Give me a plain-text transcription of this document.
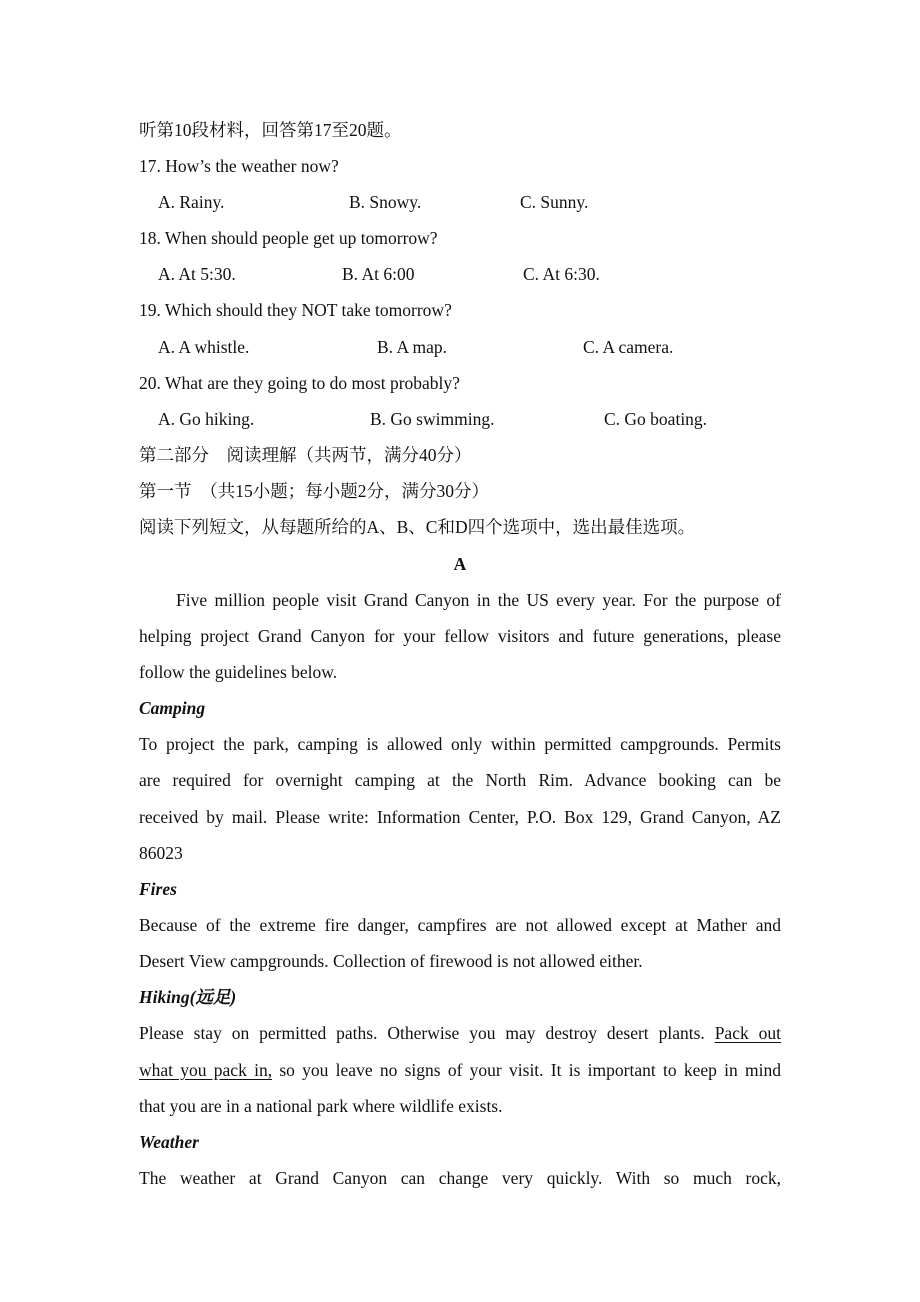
听第10段材料，回答第17至20题。
17. How’s the weather now?
A. Rainy.	B. Snowy.	C. Sunny.
18. When should people get up tomorrow?
A. At 5:30.	B. At 6:00	C. At 6:30.
19. Which should they NOT take tomorrow?
A. A whistle.	B. A map.	C. A camera.
20. What are they going to do most probably?
A. Go hiking.	B. Go swimming.	C. Go boating.
第二部分　阅读理解（共两节，满分40分）
第一节　（共15小题；每小题2分，满分30分）
阅读下列短文，从每题所给的A、B、C和D四个选项中，选出最佳选项。
A
Five million people visit Grand Canyon in the US every year. For the purpose of
helping project Grand Canyon for your fellow visitors and future generations, please
follow the guidelines below.
Camping
To project the park, camping is allowed only within permitted campgrounds. Permits
are required for overnight camping at the North Rim. Advance booking can be
received by mail. Please write: Information Center, P.O. Box 129, Grand Canyon, AZ
86023
Fires
Because of the extreme fire danger, campfires are not allowed except at Mather and
Desert View campgrounds. Collection of firewood is not allowed either.
Hiking(远足)
Please stay on permitted paths. Otherwise you may destroy desert plants. Pack out
what you pack in, so you leave no signs of your visit. It is important to keep in mind
that you are in a national park where wildlife exists.
Weather
The weather at Grand Canyon can change very quickly. With so much rock,
